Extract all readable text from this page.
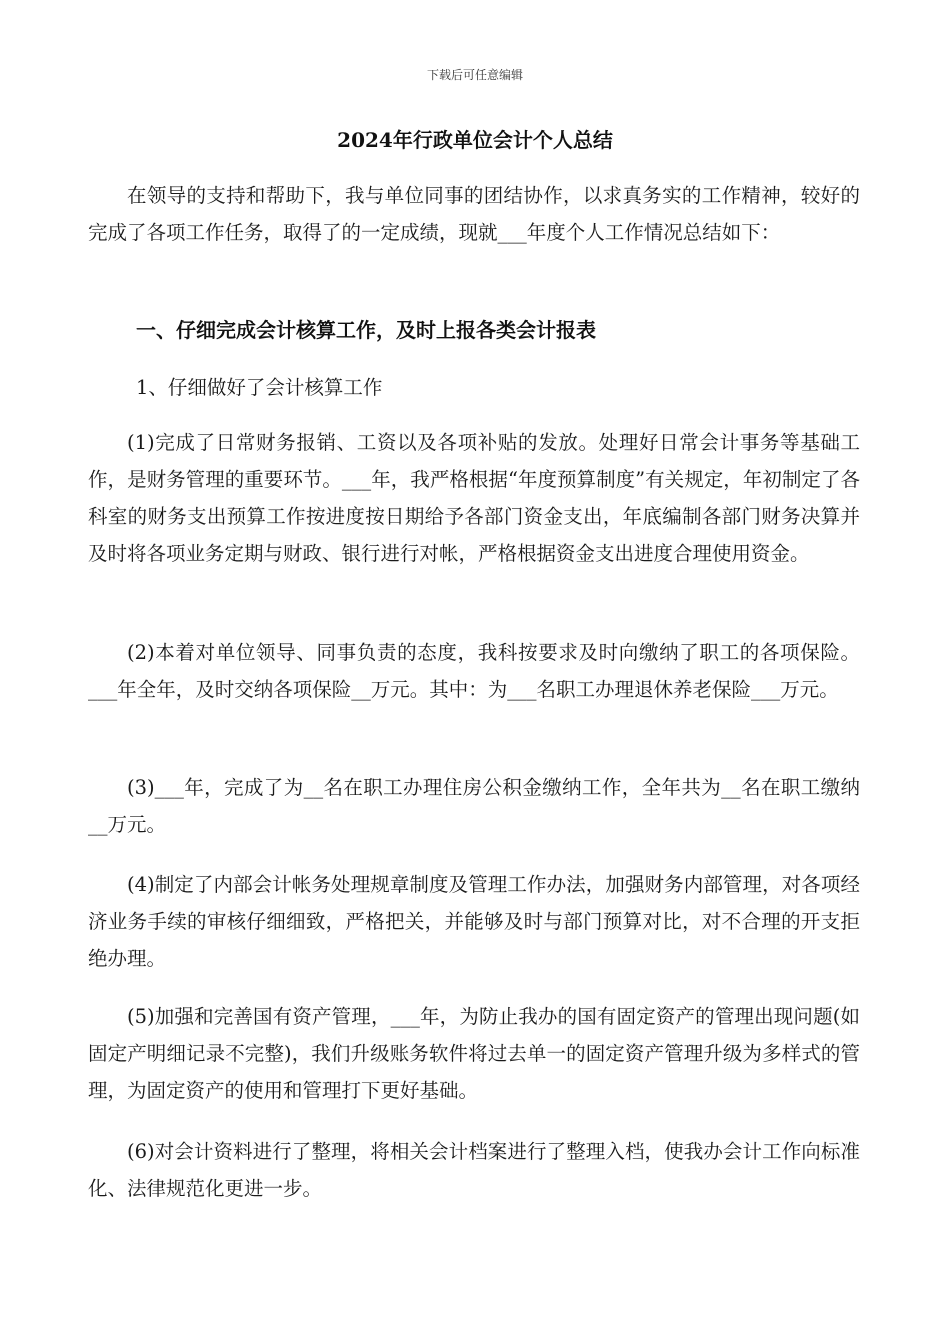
下载后可任意编辑
2024年行政单位会计个人总结

在领导的支持和帮助下，我与单位同事的团结协作，以求真务实的工作精神，较好的完成了各项工作任务，取得了的一定成绩，现就___年度个人工作情况总结如下：

一、仔细完成会计核算工作，及时上报各类会计报表
1、仔细做好了会计核算工作

(1)完成了日常财务报销、工资以及各项补贴的发放。处理好日常会计事务等基础工作，是财务管理的重要环节。___年，我严格根据“年度预算制度”有关规定，年初制定了各科室的财务支出预算工作按进度按日期给予各部门资金支出，年底编制各部门财务决算并及时将各项业务定期与财政、银行进行对帐，严格根据资金支出进度合理使用资金。

(2)本着对单位领导、同事负责的态度，我科按要求及时向缴纳了职工的各项保险。___年全年，及时交纳各项保险__万元。其中：为___名职工办理退休养老保险___万元。

(3)___年，完成了为__名在职工办理住房公积金缴纳工作，全年共为__名在职工缴纳__万元。

(4)制定了内部会计帐务处理规章制度及管理工作办法，加强财务内部管理，对各项经济业务手续的审核仔细细致，严格把关，并能够及时与部门预算对比，对不合理的开支拒绝办理。

(5)加强和完善国有资产管理，___年，为防止我办的国有固定资产的管理出现问题(如固定产明细记录不完整)，我们升级账务软件将过去单一的固定资产管理升级为多样式的管理，为固定资产的使用和管理打下更好基础。

(6)对会计资料进行了整理，将相关会计档案进行了整理入档，使我办会计工作向标准化、法律规范化更进一步。
